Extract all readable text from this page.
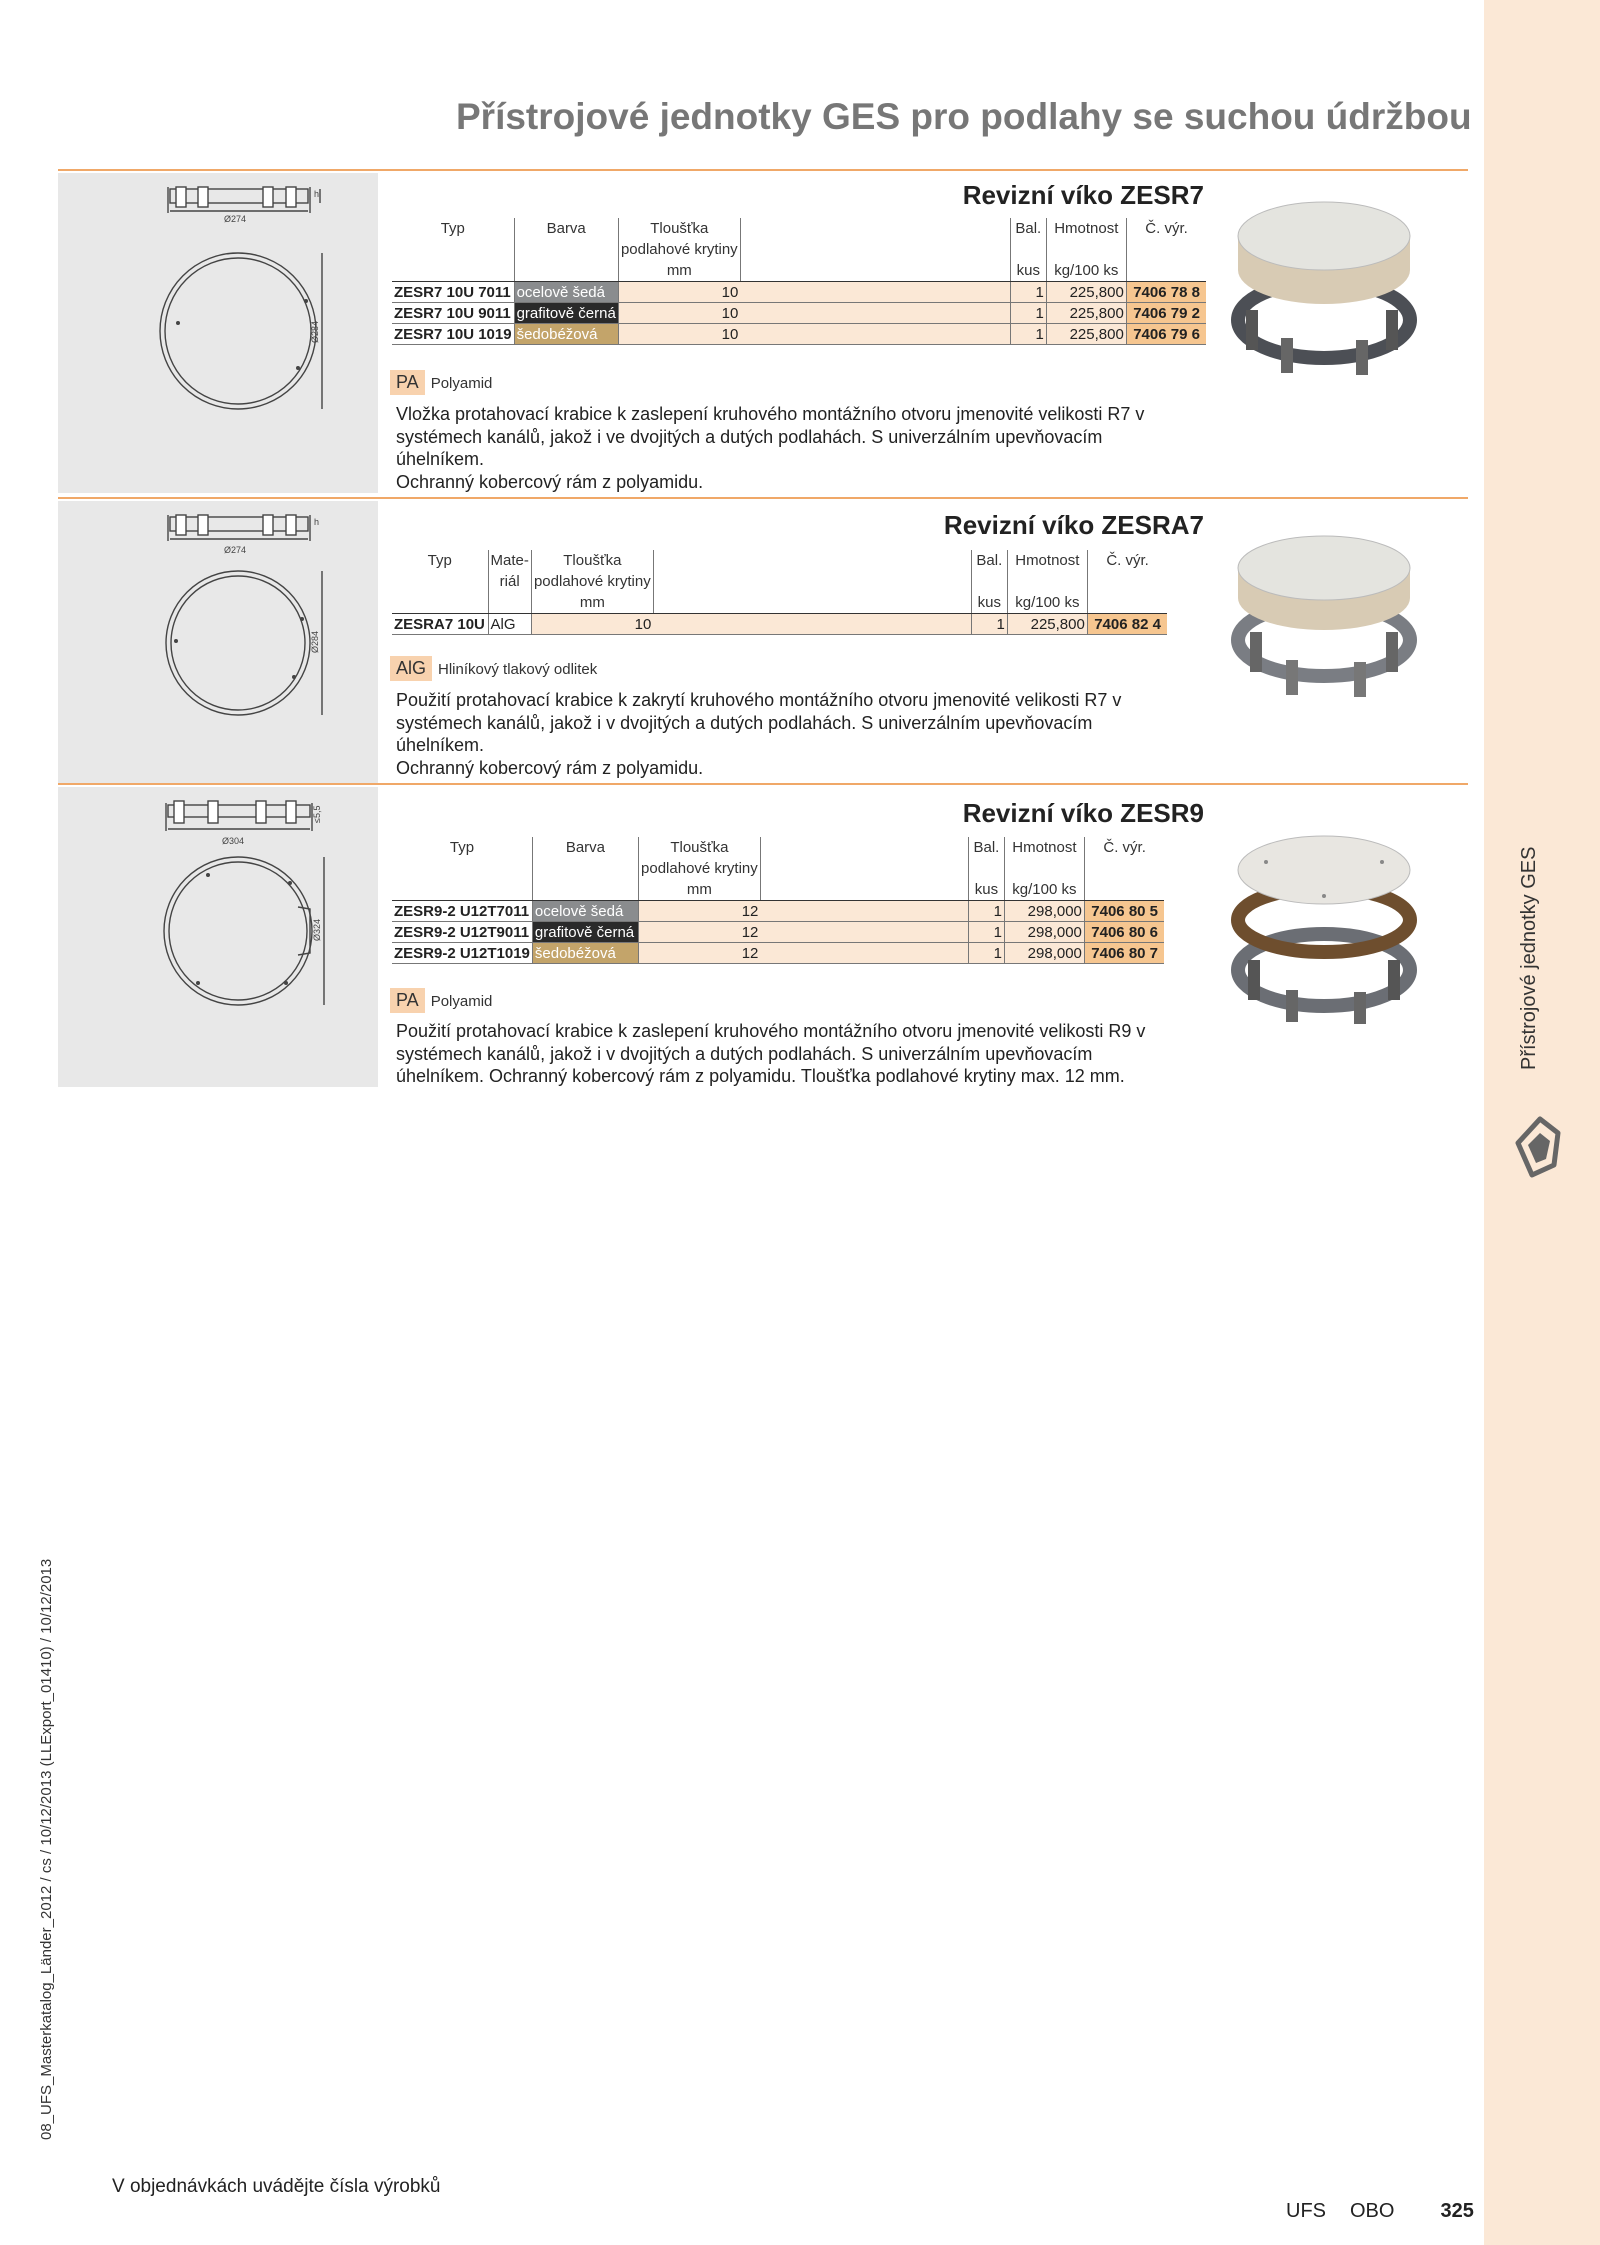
Přístrojové jednotky GES
08_UFS_Masterkatalog_Länder_2012 / cs / 10/12/2013 (LLExport_01410) / 10/12/2013
Přístrojové jednotky GES pro podlahy se suchou údržbou
Ø274
h
Ø284
Revizní víko ZESR7
Typ	Barva	Tloušťka podlahové krytiny		Bal.	Hmotnost	Č. výr.
		mm		kus	kg/100 ks	
ZESR7 10U 7011	ocelově šedá	10		1	225,800	7406 78 8
ZESR7 10U 9011	grafitově černá	10		1	225,800	7406 79 2
ZESR7 10U 1019	šedobéžová	10		1	225,800	7406 79 6
PA Polyamid
Vložka protahovací krabice k zaslepení kruhového montážního otvoru jmenovité velikosti R7 v
systémech kanálů, jakož i ve dvojitých a dutých podlahách. S univerzálním upevňovacím
úhelníkem.
Ochranný kobercový rám z polyamidu.
Ø274
h
Ø284
Revizní víko ZESRA7
Typ	Mate-riál	Tloušťka podlahové krytiny		Bal.	Hmotnost	Č. výr.
		mm		kus	kg/100 ks	
ZESRA7 10U	AlG	10		1	225,800	7406 82 4
AlG Hliníkový tlakový odlitek
Použití protahovací krabice k zakrytí kruhového montážního otvoru jmenovité velikosti R7 v
systémech kanálů, jakož i v dvojitých a dutých podlahách. S univerzálním upevňovacím
úhelníkem.
Ochranný kobercový rám z polyamidu.
Ø304
≤5,5
Ø324
Revizní víko ZESR9
Typ	Barva	Tloušťka podlahové krytiny		Bal.	Hmotnost	Č. výr.
		mm		kus	kg/100 ks	
ZESR9-2 U12T7011	ocelově šedá	12		1	298,000	7406 80 5
ZESR9-2 U12T9011	grafitově černá	12		1	298,000	7406 80 6
ZESR9-2 U12T1019	šedobéžová	12		1	298,000	7406 80 7
PA Polyamid
Použití protahovací krabice k zaslepení kruhového montážního otvoru jmenovité velikosti R9 v
systémech kanálů, jakož i v dvojitých a dutých podlahách. S univerzálním upevňovacím
úhelníkem. Ochranný kobercový rám z polyamidu. Tloušťka podlahové krytiny max. 12 mm.
V objednávkách uvádějte čísla výrobků
UFS OBO 325
